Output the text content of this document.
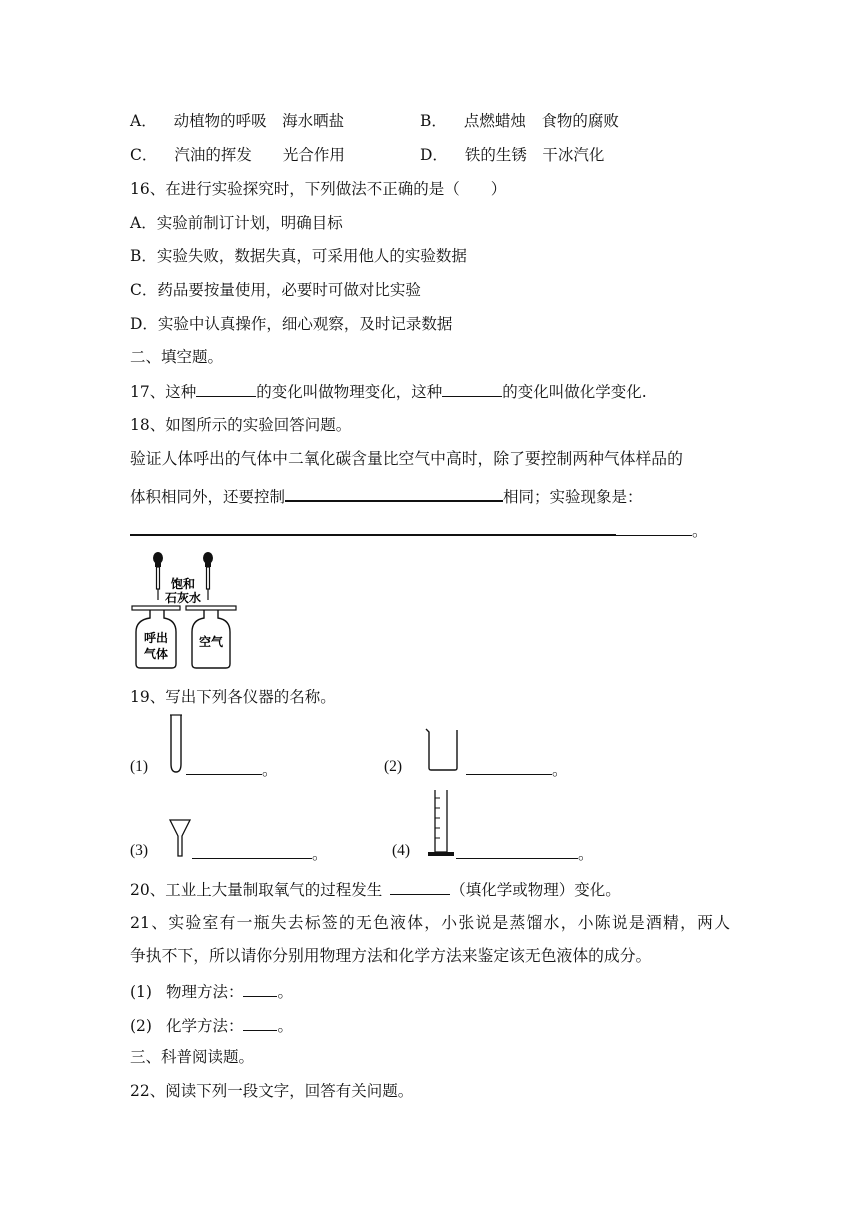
A． 动植物的呼吸　海水晒盐	B． 点燃蜡烛　食物的腐败
C． 汽油的挥发　　光合作用	D． 铁的生锈　干冰汽化
16、在进行实验探究时，下列做法不正确的是（　　）
A．实验前制订计划，明确目标
B．实验失败，数据失真，可采用他人的实验数据
C．药品要按量使用，必要时可做对比实验
D．实验中认真操作，细心观察，及时记录数据
二、填空题。
17、这种	的变化叫做物理变化，这种	的变化叫做化学变化.
18、如图所示的实验回答问题。
验证人体呼出的气体中二氧化碳含量比空气中高时，除了要控制两种气体样品的
体积相同外，还要控制	相同；实验现象是：
。
饱和
石灰水
呼出
气体
空气
19、写出下列各仪器的名称。
(1)	。	(2)	。
(3)	。	(4)	。
20、工业上大量制取氧气的过程发生	（填化学或物理）变化。
21、实验室有一瓶失去标签的无色液体，小张说是蒸馏水，小陈说是酒精，两人
争执不下，所以请你分别用物理方法和化学方法来鉴定该无色液体的成分。
(1) 物理方法： 。
(2) 化学方法： 。
三、科普阅读题。
22、阅读下列一段文字，回答有关问题。
